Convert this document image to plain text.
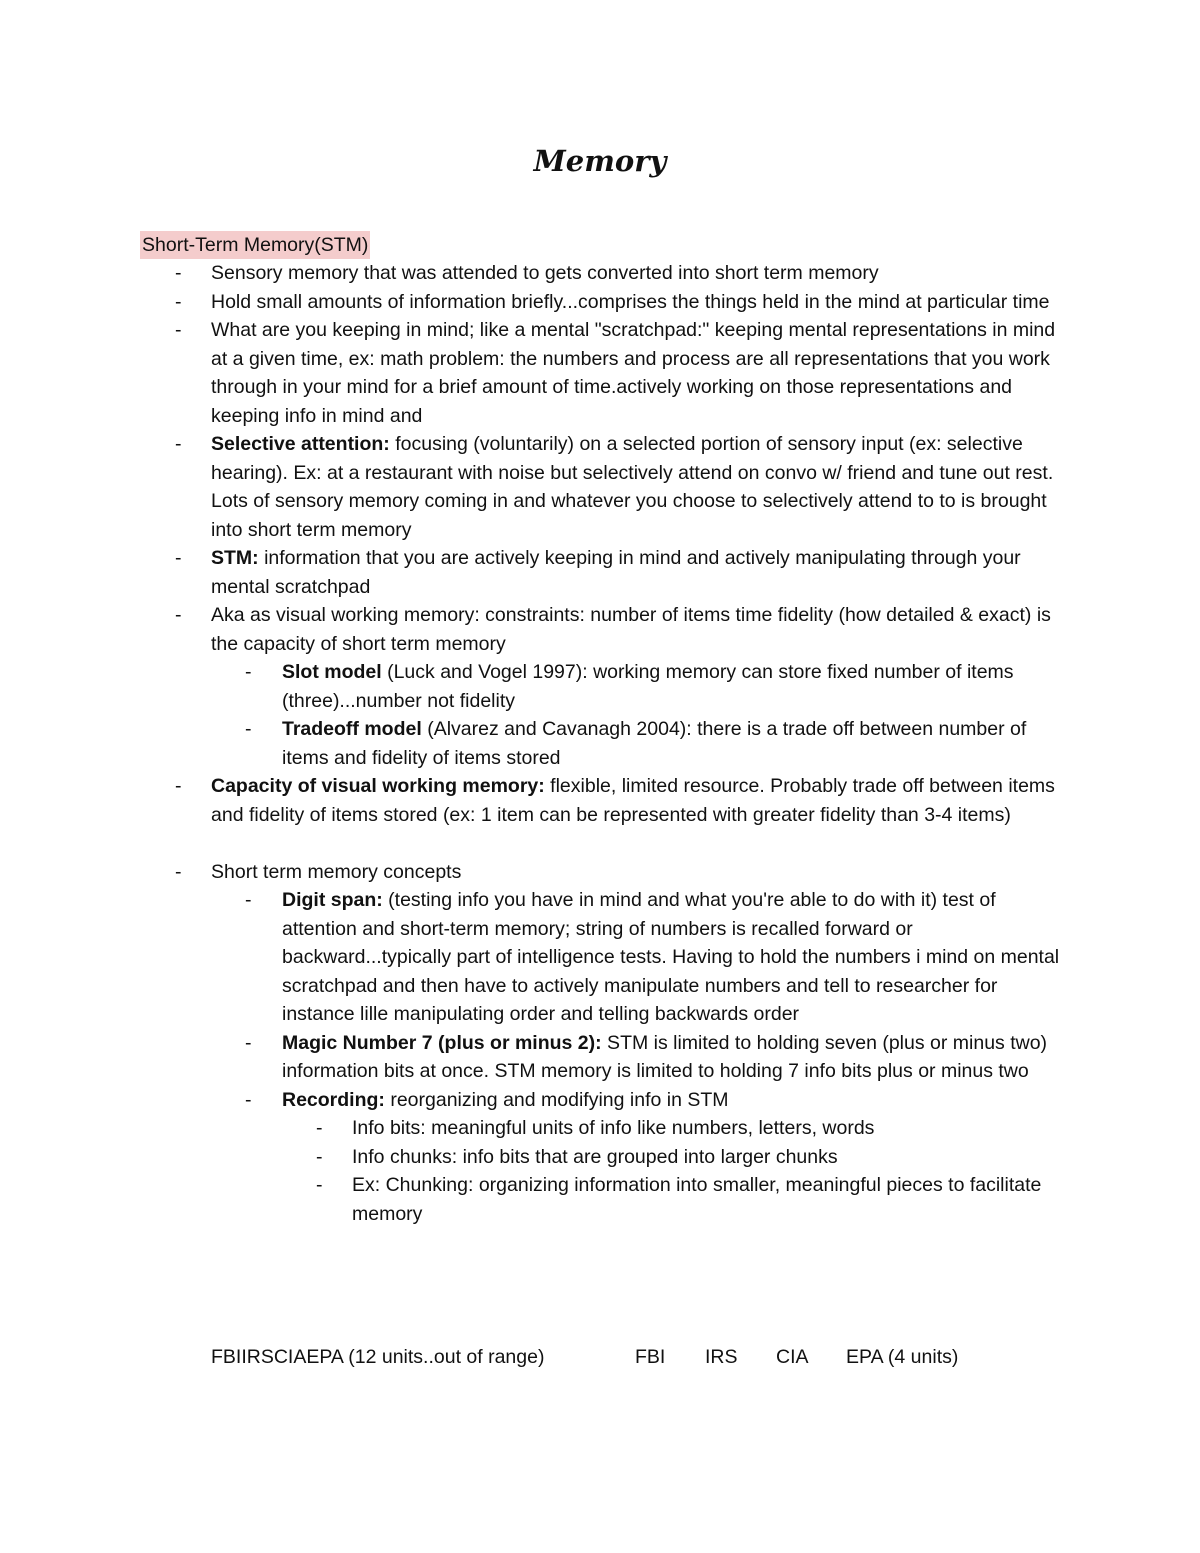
Memory
Short-Term Memory(STM)
- Sensory memory that was attended to gets converted into short term memory
- Hold small amounts of information briefly...comprises the things held in the mind at particular time
- What are you keeping in mind; like a mental "scratchpad:" keeping mental representations in mind at a given time, ex: math problem: the numbers and process are all representations that you work through in your mind for a brief amount of time.actively working on those representations and keeping info in mind and
- Selective attention: focusing (voluntarily) on a selected portion of sensory input (ex: selective hearing). Ex: at a restaurant with noise but selectively attend on convo w/ friend and tune out rest. Lots of sensory memory coming in and whatever you choose to selectively attend to to is brought into short term memory
- STM: information that you are actively keeping in mind and actively manipulating through your mental scratchpad
- Aka as visual working memory: constraints: number of items time fidelity (how detailed & exact) is the capacity of short term memory
- Slot model (Luck and Vogel 1997): working memory can store fixed number of items (three)...number not fidelity
- Tradeoff model (Alvarez and Cavanagh 2004): there is a trade off between number of items and fidelity of items stored
- Capacity of visual working memory: flexible, limited resource. Probably trade off between items and fidelity of items stored (ex: 1 item can be represented with greater fidelity than 3-4 items)
- Short term memory concepts
- Digit span: (testing info you have in mind and what you're able to do with it) test of attention and short-term memory; string of numbers is recalled forward or backward...typically part of intelligence tests. Having to hold the numbers i mind on mental scratchpad and then have to actively manipulate numbers and tell to researcher for instance lille manipulating order and telling backwards order
- Magic Number 7 (plus or minus 2): STM is limited to holding seven (plus or minus two) information bits at once. STM memory is limited to holding 7 info bits plus or minus two
- Recording: reorganizing and modifying info in STM
- Info bits: meaningful units of info like numbers, letters, words
- Info chunks: info bits that are grouped into larger chunks
- Ex: Chunking: organizing information into smaller, meaningful pieces to facilitate memory
FBIIRSCIAEPA (12 units..out of range)	FBI IRS CIA EPA (4 units)
